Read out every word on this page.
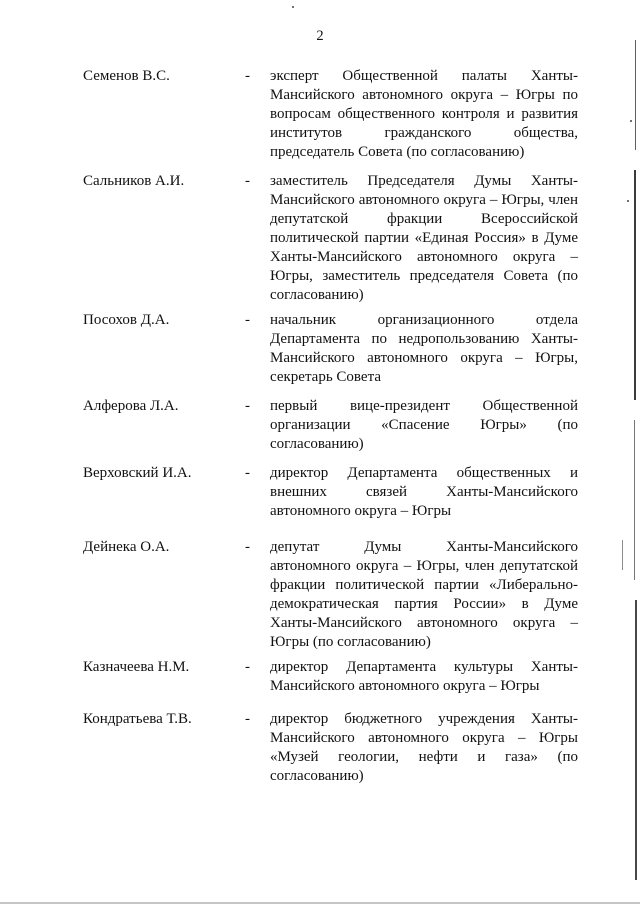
2
Семенов В.С.	- эксперт Общественной палаты Ханты-Мансийского автономного округа – Югры по вопросам общественного контроля и развития институтов гражданского общества, председатель Совета (по согласованию)
Сальников А.И.	- заместитель Председателя Думы Ханты-Мансийского автономного округа – Югры, член депутатской фракции Всероссийской политической партии «Единая Россия» в Думе Ханты-Мансийского автономного округа – Югры, заместитель председателя Совета (по согласованию)
Посохов Д.А.	- начальник организационного отдела Департамента по недропользованию Ханты-Мансийского автономного округа – Югры, секретарь Совета
Алферова Л.А.	- первый вице-президент Общественной организации «Спасение Югры» (по согласованию)
Верховский И.А.	- директор Департамента общественных и внешних связей Ханты-Мансийского автономного округа – Югры
Дейнека О.А.	- депутат Думы Ханты-Мансийского автономного округа – Югры, член депутатской фракции политической партии «Либерально-демократическая партия России» в Думе Ханты-Мансийского автономного округа – Югры (по согласованию)
Казначеева Н.М.	- директор Департамента культуры Ханты-Мансийского автономного округа – Югры
Кондратьева Т.В.	- директор бюджетного учреждения Ханты-Мансийского автономного округа – Югры «Музей геологии, нефти и газа» (по согласованию)
